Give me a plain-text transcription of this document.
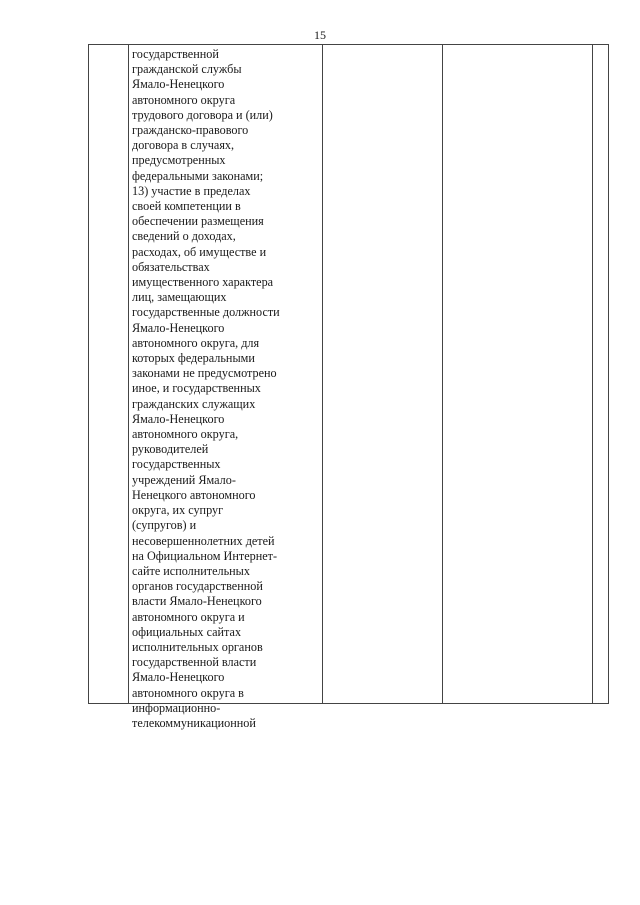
15
государственной
гражданской службы
Ямало-Ненецкого
автономного округа
трудового договора и (или)
гражданско-правового
договора в случаях,
предусмотренных
федеральными законами;
13) участие в пределах
своей компетенции в
обеспечении размещения
сведений о доходах,
расходах, об имуществе и
обязательствах
имущественного характера
лиц, замещающих
государственные должности
Ямало-Ненецкого
автономного округа, для
которых федеральными
законами не предусмотрено
иное, и государственных
гражданских служащих
Ямало-Ненецкого
автономного округа,
руководителей
государственных
учреждений Ямало-
Ненецкого автономного
округа, их супруг
(супругов) и
несовершеннолетних детей
на Официальном Интернет-
сайте исполнительных
органов государственной
власти Ямало-Ненецкого
автономного округа и
официальных сайтах
исполнительных органов
государственной власти
Ямало-Ненецкого
автономного округа в
информационно-
телекоммуникационной
